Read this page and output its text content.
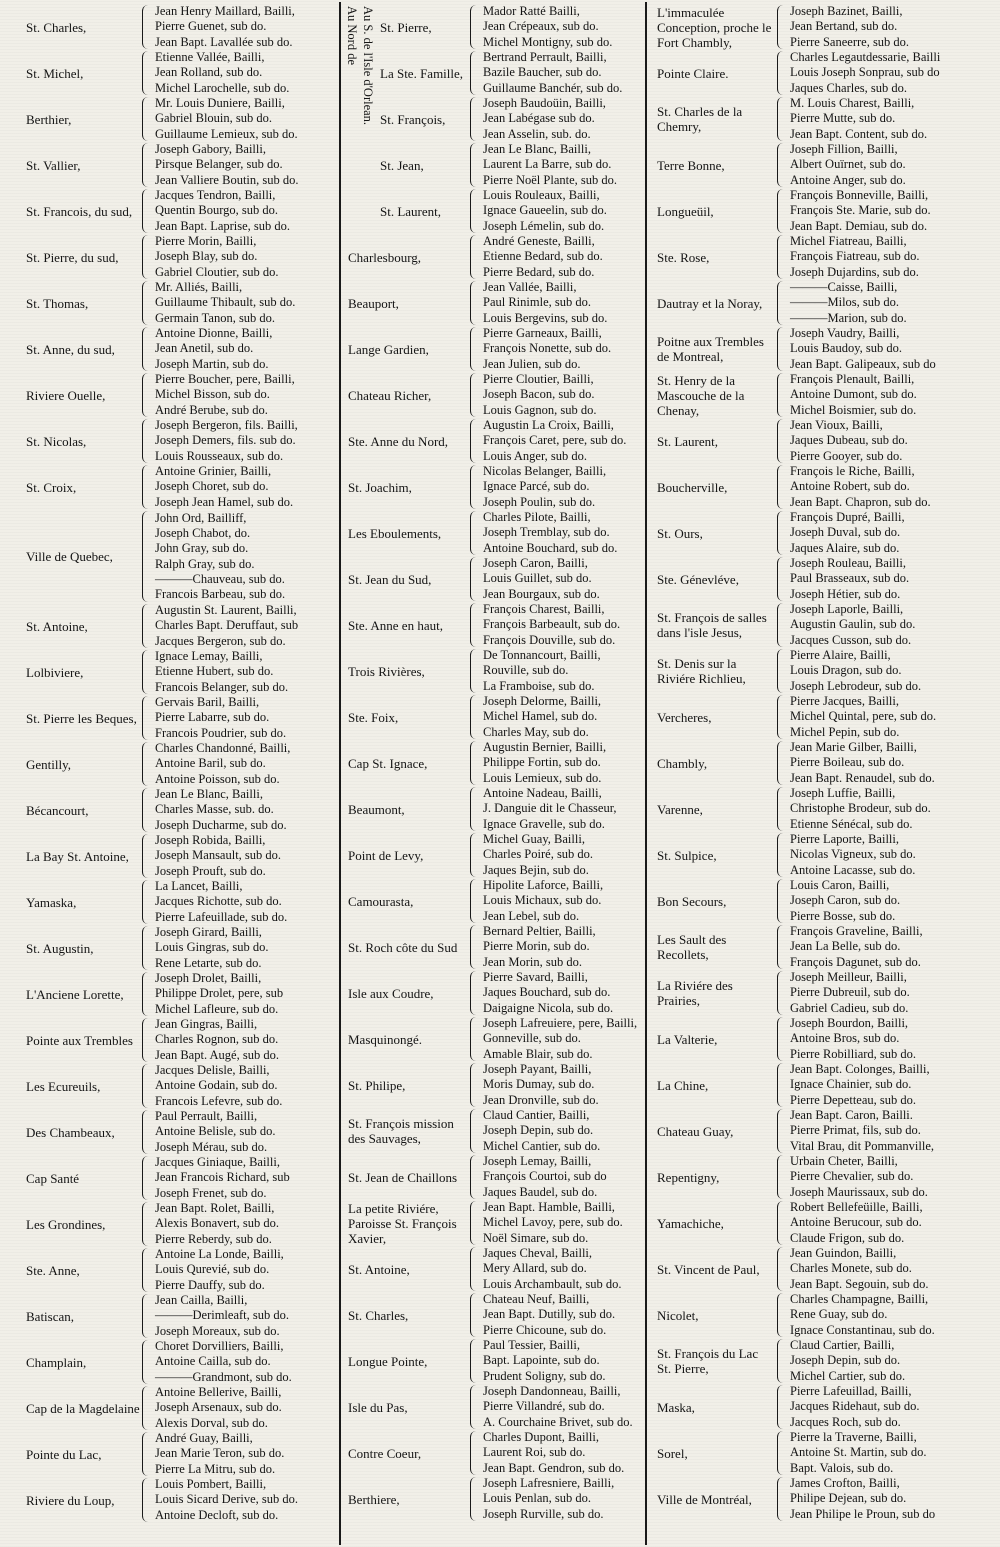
St. Charles,
Jean Henry Maillard, Bailli,
Pierre Guenet, sub do.
Jean Bapt. Lavallée sub do.
St. Michel,
Etienne Vallée, Bailli,
Jean Rolland, sub do.
Michel Larochelle, sub do.
Berthier,
Mr. Louis Duniere, Bailli,
Gabriel Blouin, sub do.
Guillaume Lemieux, sub do.
St. Vallier,
Joseph Gabory, Bailli,
Pirsque Belanger, sub do.
Jean Valliere Boutin, sub do.
St. Francois, du sud,
Jacques Tendron, Bailli,
Quentin Bourgo, sub do.
Jean Bapt. Laprise, sub do.
St. Pierre, du sud,
Pierre Morin, Bailli,
Joseph Blay, sub do.
Gabriel Cloutier, sub do.
St. Thomas,
Mr. Alliés, Bailli,
Guillaume Thibault, sub do.
Germain Tanon, sub do.
St. Anne, du sud,
Antoine Dionne, Bailli,
Jean Anetil, sub do.
Joseph Martin, sub do.
Riviere Ouelle,
Pierre Boucher, pere, Bailli,
Michel Bisson, sub do.
André Berube, sub do.
St. Nicolas,
Joseph Bergeron, fils. Bailli,
Joseph Demers, fils. sub do.
Louis Rousseaux, sub do.
St. Croix,
Antoine Grinier, Bailli,
Joseph Choret, sub do.
Joseph Jean Hamel, sub do.
Ville de Quebec,
John Ord, Bailliff,
Joseph Chabot, do.
John Gray, sub do.
Ralph Gray, sub do.
———Chauveau, sub do.
Francois Barbeau, sub do.
St. Antoine,
Augustin St. Laurent, Bailli,
Charles Bapt. Deruffaut, sub
Jacques Bergeron, sub do.
Lolbiviere,
Ignace Lemay, Bailli,
Etienne Hubert, sub do.
Francois Belanger, sub do.
St. Pierre les Beques,
Gervais Baril, Bailli,
Pierre Labarre, sub do.
Francois Poudrier, sub do.
Gentilly,
Charles Chandonné, Bailli,
Antoine Baril, sub do.
Antoine Poisson, sub do.
Bécancourt,
Jean Le Blanc, Bailli,
Charles Masse, sub. do.
Joseph Ducharme, sub do.
La Bay St. Antoine,
Joseph Robida, Bailli,
Joseph Mansault, sub do.
Joseph Prouft, sub do.
Yamaska,
La Lancet, Bailli,
Jacques Richotte, sub do.
Pierre Lafeuillade, sub do.
St. Augustin,
Joseph Girard, Bailli,
Louis Gingras, sub do.
Rene Letarte, sub do.
L'Anciene Lorette,
Joseph Drolet, Bailli,
Philippe Drolet, pere, sub
Michel Lafleure, sub do.
Pointe aux Trembles
Jean Gingras, Bailli,
Charles Rognon, sub do.
Jean Bapt. Augé, sub do.
Les Ecureuils,
Jacques Delisle, Bailli,
Antoine Godain, sub do.
Francois Lefevre, sub do.
Des Chambeaux,
Paul Perrault, Bailli,
Antoine Belisle, sub do.
Joseph Mérau, sub do.
Cap Santé
Jacques Giniaque, Bailli,
Jean Francois Richard, sub
Joseph Frenet, sub do.
Les Grondines,
Jean Bapt. Rolet, Bailli,
Alexis Bonavert, sub do.
Pierre Reberdy, sub do.
Ste. Anne,
Antoine La Londe, Bailli,
Louis Qurevié, sub do.
Pierre Dauffy, sub do.
Batiscan,
Jean Cailla, Bailli,
———Derimleaft, sub do.
Joseph Moreaux, sub do.
Champlain,
Choret Dorvilliers, Bailli,
Antoine Cailla, sub do.
———Grandmont, sub do.
Cap de la Magdelaine
Antoine Bellerive, Bailli,
Joseph Arsenaux, sub do.
Alexis Dorval, sub do.
Pointe du Lac,
André Guay, Bailli,
Jean Marie Teron, sub do.
Pierre La Mitru, sub do.
Riviere du Loup,
Louis Pombert, Bailli,
Louis Sicard Derive, sub do.
Antoine Decloft, sub do.
Au Nord de Au S. de l'Isle d'Orlean. St. Pierre,
Mador Ratté Bailli,
Jean Crépeaux, sub do.
Michel Montigny, sub do.
La Ste. Famille,
Bertrand Perrault, Bailli,
Bazile Baucher, sub do.
Guillaume Banchér, sub do.
St. François,
Joseph Baudoüin, Bailli,
Jean Labégase sub do.
Jean Asselin, sub. do.
St. Jean,
Jean Le Blanc, Bailli,
Laurent La Barre, sub do.
Pierre Noël Plante, sub do.
St. Laurent,
Louis Rouleaux, Bailli,
Ignace Gaueelin, sub do.
Joseph Lémelin, sub do.
Charlesbourg,
André Geneste, Bailli,
Etienne Bedard, sub do.
Pierre Bedard, sub do.
Beauport,
Jean Vallée, Bailli,
Paul Rinimle, sub do.
Louis Bergevins, sub do.
Lange Gardien,
Pierre Garneaux, Bailli,
François Nonette, sub do.
Jean Julien, sub do.
Chateau Richer,
Pierre Cloutier, Bailli,
Joseph Bacon, sub do.
Louis Gagnon, sub do.
Ste. Anne du Nord,
Augustin La Croix, Bailli,
François Caret, pere, sub do.
Louis Anger, sub do.
St. Joachim,
Nicolas Belanger, Bailli,
Ignace Parcé, sub do.
Joseph Poulin, sub do.
Les Eboulements,
Charles Pilote, Bailli,
Joseph Tremblay, sub do.
Antoine Bouchard, sub do.
St. Jean du Sud,
Joseph Caron, Bailli,
Louis Guillet, sub do.
Jean Bourgaux, sub do.
Ste. Anne en haut,
François Charest, Bailli,
François Barbeault, sub do.
François Douville, sub do.
Trois Rivières,
De Tonnancourt, Bailli,
Rouville, sub do.
La Framboise, sub do.
Ste. Foix,
Joseph Delorme, Bailli,
Michel Hamel, sub do.
Charles May, sub do.
Cap St. Ignace,
Augustin Bernier, Bailli,
Philippe Fortin, sub do.
Louis Lemieux, sub do.
Beaumont,
Antoine Nadeau, Bailli,
J. Danguie dit le Chasseur,
Ignace Gravelle, sub do.
Point de Levy,
Michel Guay, Bailli,
Charles Poiré, sub do.
Jaques Bejin, sub do.
Camourasta,
Hipolite Laforce, Bailli,
Louis Michaux, sub do.
Jean Lebel, sub do.
St. Roch côte du Sud
Bernard Peltier, Bailli,
Pierre Morin, sub do.
Jean Morin, sub do.
Isle aux Coudre,
Pierre Savard, Bailli,
Jaques Bouchard, sub do.
Daigaigne Nicola, sub do.
Masquinongé.
Joseph Lafreuiere, pere, Bailli,
Gonneville, sub do.
Amable Blair, sub do.
St. Philipe,
Joseph Payant, Bailli,
Moris Dumay, sub do.
Jean Dronville, sub do.
St. François mission des Sauvages,
Claud Cantier, Bailli,
Joseph Depin, sub do.
Michel Cantier, sub do.
St. Jean de Chaillons
Joseph Lemay, Bailli,
François Courtoi, sub do
Jaques Baudel, sub do.
La petite Riviére, Paroisse St. François Xavier,
Jean Bapt. Hamble, Bailli,
Michel Lavoy, pere, sub do.
Noël Simare, sub do.
St. Antoine,
Jaques Cheval, Bailli,
Mery Allard, sub do.
Louis Archambault, sub do.
St. Charles,
Chateau Neuf, Bailli,
Jean Bapt. Dutilly, sub do.
Pierre Chicoune, sub do.
Longue Pointe,
Paul Tessier, Bailli,
Bapt. Lapointe, sub do.
Prudent Soligny, sub do.
Isle du Pas,
Joseph Dandonneau, Bailli,
Pierre Villandré, sub do.
A. Courchaine Brivet, sub do.
Contre Coeur,
Charles Dupont, Bailli,
Laurent Roi, sub do.
Jean Bapt. Gendron, sub do.
Berthiere,
Joseph Lafresniere, Bailli,
Louis Penlan, sub do.
Joseph Rurville, sub do.
L'immaculée Conception, proche le Fort Chambly,
Joseph Bazinet, Bailli,
Jean Bertand, sub do.
Pierre Saneerre, sub do.
Pointe Claire.
Charles Legautdessarie, Bailli
Louis Joseph Sonprau, sub do
Jaques Charles, sub do.
St. Charles de la Chemry,
M. Louis Charest, Bailli,
Pierre Mutte, sub do.
Jean Bapt. Content, sub do.
Terre Bonne,
Joseph Fillion, Bailli,
Albert Ouïrnet, sub do.
Antoine Anger, sub do.
Longueüil,
François Bonneville, Bailli,
François Ste. Marie, sub do.
Jean Bapt. Demiau, sub do.
Ste. Rose,
Michel Fiatreau, Bailli,
François Fiatreau, sub do.
Joseph Dujardins, sub do.
Dautray et la Noray,
———Caisse, Bailli,
———Milos, sub do.
———Marion, sub do.
Poitne aux Trembles de Montreal,
Joseph Vaudry, Bailli,
Louis Baudoy, sub do.
Jean Bapt. Galipeaux, sub do
St. Henry de la Mascouche de la Chenay,
François Plenault, Bailli,
Antoine Dumont, sub do.
Michel Boismier, sub do.
St. Laurent,
Jean Vioux, Bailli,
Jaques Dubeau, sub do.
Pierre Gooyer, sub do.
Boucherville,
François le Riche, Bailli,
Antoine Robert, sub do.
Jean Bapt. Chapron, sub do.
St. Ours,
François Dupré, Bailli,
Joseph Duval, sub do.
Jaques Alaire, sub do.
Ste. Génevléve,
Joseph Rouleau, Bailli,
Paul Brasseaux, sub do.
Joseph Hétier, sub do.
St. François de salles dans l'isle Jesus,
Joseph Laporle, Bailli,
Augustin Gaulin, sub do.
Jacques Cusson, sub do.
St. Denis sur la Riviére Richlieu,
Pierre Alaire, Bailli,
Louis Dragon, sub do.
Joseph Lebrodeur, sub do.
Vercheres,
Pierre Jacques, Bailli,
Michel Quintal, pere, sub do.
Michel Pepin, sub do.
Chambly,
Jean Marie Gilber, Bailli,
Pierre Boileau, sub do.
Jean Bapt. Renaudel, sub do.
Varenne,
Joseph Luffie, Bailli,
Christophe Brodeur, sub do.
Etienne Sénécal, sub do.
St. Sulpice,
Pierre Laporte, Bailli,
Nicolas Vigneux, sub do.
Antoine Lacasse, sub do.
Bon Secours,
Louis Caron, Bailli,
Joseph Caron, sub do.
Pierre Bosse, sub do.
Les Sault des Recollets,
François Graveline, Bailli,
Jean La Belle, sub do.
François Dagunet, sub do.
La Riviére des Prairies,
Joseph Meilleur, Bailli,
Pierre Dubreuil, sub do.
Gabriel Cadieu, sub do.
La Valterie,
Joseph Bourdon, Bailli,
Antoine Bros, sub do.
Pierre Robilliard, sub do.
La Chine,
Jean Bapt. Colonges, Bailli,
Ignace Chainier, sub do.
Pierre Depetteau, sub do.
Chateau Guay,
Jean Bapt. Caron, Bailli.
Pierre Primat, fils, sub do.
Vital Brau, dit Pommanville,
Repentigny,
Urbain Cheter, Bailli,
Pierre Chevalier, sub do.
Joseph Maurissaux, sub do.
Yamachiche,
Robert Bellefeüille, Bailli,
Antoine Berucour, sub do.
Claude Frigon, sub do.
St. Vincent de Paul,
Jean Guindon, Bailli,
Charles Monete, sub do.
Jean Bapt. Segouin, sub do.
Nicolet,
Charles Champagne, Bailli,
Rene Guay, sub do.
Ignace Constantinau, sub do.
St. François du Lac St. Pierre,
Claud Cartier, Bailli,
Joseph Depin, sub do.
Michel Cartier, sub do.
Maska,
Pierre Lafeuillad, Bailli,
Jacques Ridehaut, sub do.
Jacques Roch, sub do.
Sorel,
Pierre la Traverne, Bailli,
Antoine St. Martin, sub do.
Bapt. Valois, sub do.
Ville de Montréal,
James Crofton, Bailli,
Philipe Dejean, sub do.
Jean Philipe le Proun, sub do
